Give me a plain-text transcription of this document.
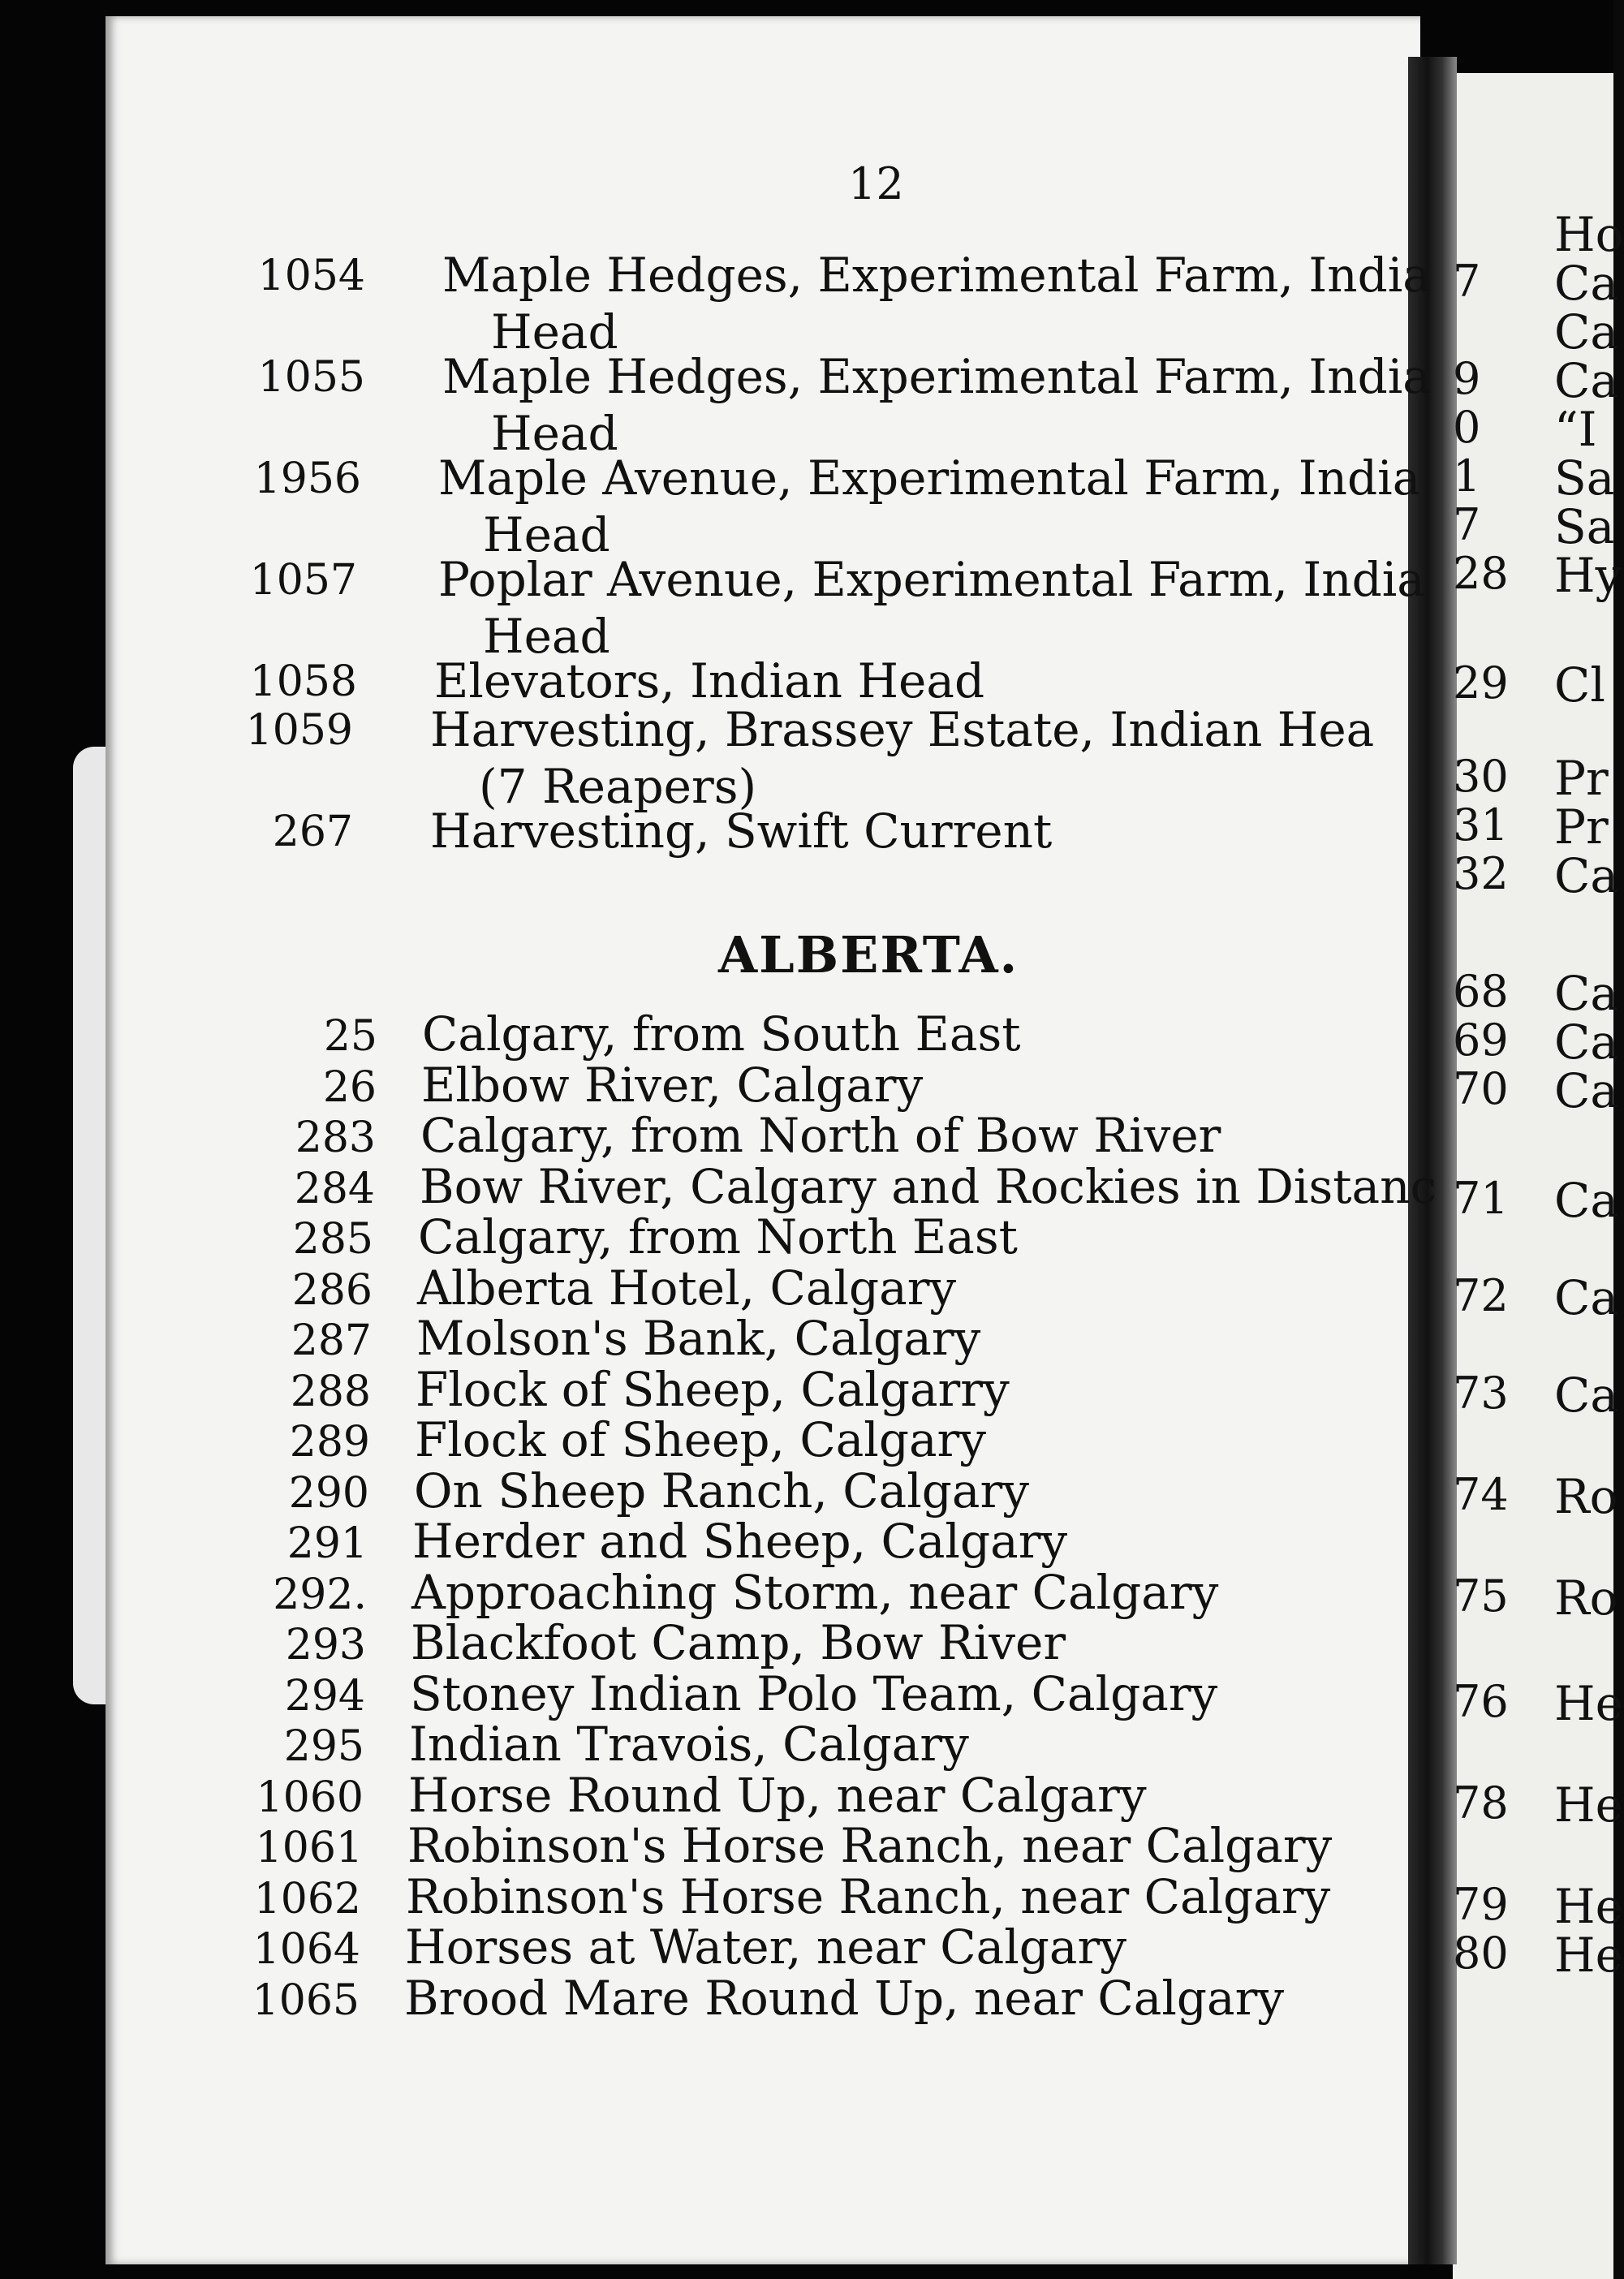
12
1054 Maple Hedges, Experimental Farm, India
Head
1055 Maple Hedges, Experimental Farm, India
Head
1956 Maple Avenue, Experimental Farm, India
Head
1057 Poplar Avenue, Experimental Farm, India
Head
1058 Elevators, Indian Head
1059 Harvesting, Brassey Estate, Indian Hea
(7 Reapers)
267 Harvesting, Swift Current
ALBERTA.
25 Calgary, from South East
26 Elbow River, Calgary
283 Calgary, from North of Bow River
284 Bow River, Calgary and Rockies in Distanc
285 Calgary, from North East
286 Alberta Hotel, Calgary
287 Molson's Bank, Calgary
288 Flock of Sheep, Calgarry
289 Flock of Sheep, Calgary
290 On Sheep Ranch, Calgary
291 Herder and Sheep, Calgary
292. Approaching Storm, near Calgary
293 Blackfoot Camp, Bow River
294 Stoney Indian Polo Team, Calgary
295 Indian Travois, Calgary
1060 Horse Round Up, near Calgary
1061 Robinson's Horse Ranch, near Calgary
1062 Robinson's Horse Ranch, near Calgary
1064 Horses at Water, near Calgary
1065 Brood Mare Round Up, near Calgary
Ho
7 Ca
Ca
9 Ca
0 “I
1 Sa
7 Sa
28 Hy
29 Cl
30 Pr
31 Pr
32 Ca
68 Ca
69 Ca
70 Ca
71 Ca
72 Ca
73 Ca
74 Ro
75 Ro
76 He
78 He
79 He
80 He
